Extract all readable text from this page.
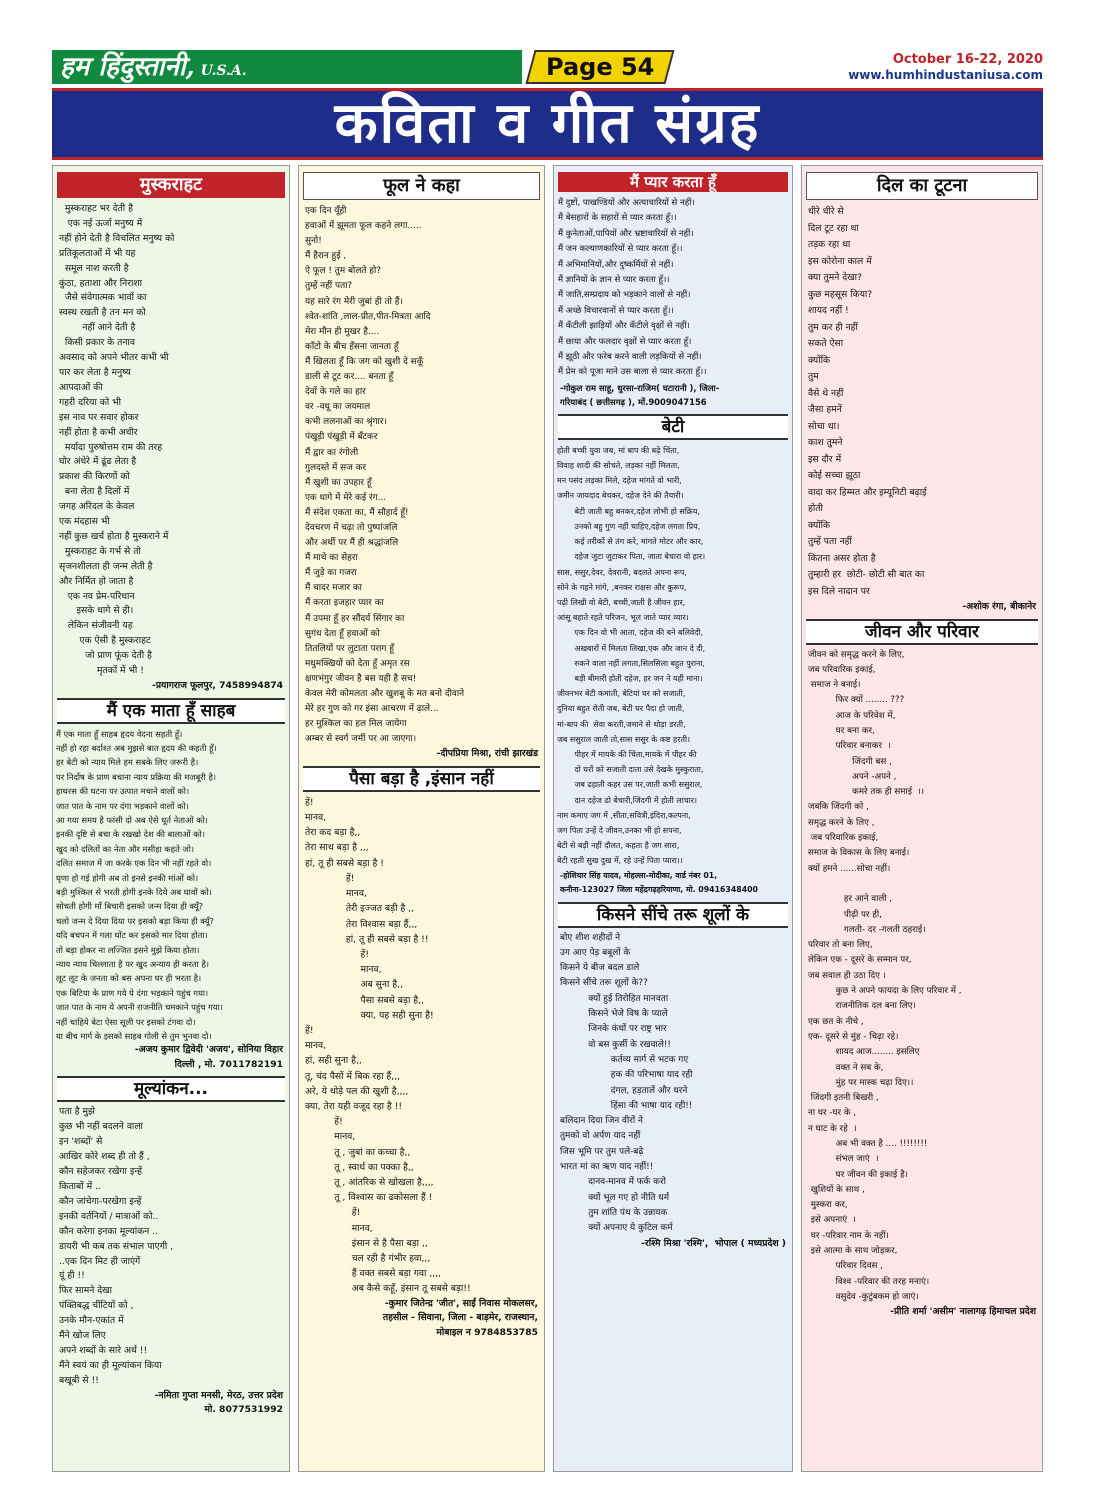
हम हिंदुस्तानी, U.S.A.	Page 54	October 16-22, 2020
www.humhindustaniusa.com
कविता व गीत संग्रह
मुस्कराहट
मुस्कराहट भर देती है
एक नई ऊर्जा मनुष्य में
नहीं होने देती है विचलित मनुष्य को
प्रतिकूलताओं में भी यह
समूल नाश करती है
कुंठा, हताशा और निराशा
जैसे संवेगात्मक भावों का
स्वस्थ रखती है तन मन को
नहीं आने देती है
किसी प्रकार के तनाव
अवसाद को अपने भीतर कभी भी
पार कर लेता है मनुष्य
आपदाओं की
गहरी दरिया को भी
इस नाव पर सवार होकर
नहीं होता है कभी अधीर
मर्यादा पुरुषोत्तम राम की तरह
घोर अंधेरे में ढूंढ लेता है
प्रकाश की किरणों को
बना लेता है दिलों में
जगह अरिदल के केवल
एक मंदहास भी
नहीं कुछ खर्च होता है मुस्कराने में
मुस्कराहट के गर्भ से तो
सृजनशीलता ही जन्म लेती है
और निर्मित हो जाता है
एक नव प्रेम-परिधान
इसके धागे से ही।
लेकिन संजीवनी यह
एक ऐसी है मुस्कराहट
जो प्राण फूंक देती है
मृतकों में भी !
-प्रयागराज फूलपुर, 7458994874
मैं एक माता हूँ साहब
मैं एक माता हूँ साहब हृदय वेदना सहती हूँ।
नहीं हो रहा बर्दाश्त अब मुझसे बात हृदय की कहती हूँ।
हर बेटी को न्याय मिले हम सबके लिए जरूरी है।
पर निर्दोष के प्राण बचाना न्याय प्रक्रिया की मजबूरी है।
हाथरस की घटना पर उत्पात मचाने वालों को।
जात पात के नाम पर दंगा भड़काने वालों को।
आ गया समय है फांसी दो अब ऐसे धूर्त नेताओं को।
इनकी दृष्टि से बचा के रखखो देश की बालाओं को।
खुद को दलितों का नेता और मसीहा कहते जो।
दलित समाज में जा करके एक दिन भी नहीं रहते वो।
घृणा हो गई होगी अब तो इनसे इनकी मांओं को।
बड़ी मुश्किल से भरती होगी इनके दिये अब घावों को।
सोचती होगी माँ बिचारी इसको जन्म दिया ही क्यूँ?
चलो जन्म दे दिया दिया पर इसको बड़ा किया ही क्यूँ?
यदि बचपन में गला घोंट कर इसको मार दिया होता।
तो बड़ा होकर ना लज्जित इसने मुझे किया होता।
न्याय न्याय चिल्लाता है पर खुद अन्याय ही करता है।
लूट लूट के जनता को बस अपना घर ही भरता है।
एक बिटिया के प्राण गये ये दंगा भड़काने पहुंच गया।
जात पात के नाम ये अपनी राजनीति चमकाने पहुंच गया।
नहीं चाहिये बेटा ऐसा सूली पर इसको टंगवा दो।
या बीच मार्ग के इसको साहब गोली से तुम भुनवा दो।
-अजय कुमार द्विवेदी 'अजय', सोनिया विहार
दिल्ली , मो. 7011782191
मूल्यांकन...
पता है मुझे
कुछ भी नहीं बदलने वाला
इन 'शब्दों' से
आखिर कोरे शब्द ही तो हैं ,
कौन सहेजकर रखेगा इन्हें
किताबों में ..
कौन जांचेगा-परखेगा इन्हें
इनकी वर्तनियों / मात्राओं को..
कौन करेगा इनका मूल्यांकन ..
डायरी भी कब तक संभाल पाएगी ,
..एक दिन मिट ही जाएंगें
यूं ही !!
फिर सामने देखा
पंक्तिबद्ध चींटियों को ,
उनके मौन-एकांत में
मैंने खोज लिए
अपने शब्दों के सारे अर्थ !!
मैंने स्वयं का ही मूल्यांकन किया
बखूबी से !!
-नमिता गुप्ता मनसी, मेरठ, उत्तर प्रदेश
मो. 8077531992
फूल ने कहा
एक दिन यूँही
हवाओं में झूमता फूल कहने लगा.....
सुनो!
मैं हैरान हुई ,
ऐ फूल ! तुम बोलते हो?
तुम्हें नहीं पता?
यह सारे रंग मेरी जुबां ही तो हैं।
श्वेत-शांति ,लाल-प्रीत,पीत-मित्रता आदि
मेरा मौन ही मुखर है....
काँटो के बीच हँसना जानता हूँ
मैं खिलता हूँ कि जग को खुशी दे सकूँ
डाली से टूट कर.... बनता हूँ
देवों के गले का हार
वर -वधू का जयमाल
कभी ललनाओं का श्रृंगार।
पंखुड़ी पंखुड़ी में बँटकर
मैं द्वार का रंगोली
गुलदस्ते में सज कर
मैं खुशी का उपहार हूँ
एक धागे में मेरे कई रंग...
मैं संदेश एकता का, मैं सौहार्द हूँ!
देवचरण में चढ़ा तो पुष्पांजलि
और अर्थी पर मैं ही श्रद्धांजलि
मैं माथे का सेहरा
मैं जुड़े का गजरा
मैं चादर मजार का
मैं करता इजहार प्यार का
मैं उपमा हूँ हर सौंदर्य सिंगार का
सुगंध देता हूँ हवाओं को
तितलियों पर लुटाता पराग हूँ
मधुमक्खियों को देता हूँ अमृत रस
क्षणभंगुर जीवन है बस यही है सच!
केवल मेरी कोमलता और खुशबू के मत बनो दीवाने
मेरे हर गुण को गर इंसा आचरण में ढ़ाले...
हर मुश्किल का हल मिल जायेगा
अम्बर से स्वर्ग जमीं पर आ जाएगा।
-दीपप्रिया मिश्रा, रांची झारखंड
पैसा बड़ा है ,इंसान नहीं
हें!
मानव,
तेरा कद बड़ा है,,
तेरा साथ बड़ा है ,,,
हां, तू ही सबसे बड़ा है !
हें!
मानव,
तेरी इज्जत बड़ी है ,,
तेरा विश्वास बड़ा हैं,,,
हां, तू ही सबसे बड़ा है !!
हें!
मानव,
अब सुना है,,
पैसा सबसे बड़ा है,,
क्या, यह सही सुना है!
हें!
मानव,
हां, सही सुना है,,
तू, चंद पैसों में बिक रहा हैं,,,
अरे, ये थोड़े पल की खुशी है,,,,
क्या, तेरा यही वजूद रहा है !!
हें!
मानव,
तू , जुबां का कच्चा है,,
तू , स्वार्थ का पक्का है,,
तू , आंतरिक से खोखला है,,,,
तू , विश्वास का ढकोसला हैं !
हें!
मानव,
इंसान से है पैसा बड़ा ,,
चल रही है गंभीर हवा,,,
हैं वक्त सबसे बड़ा गवा ,,,,
अब कैसे कहूँ, इंसान तू सबसे बड़ा!!
-कुमार जितेन्द्र 'जीत', साईं निवास मोकलसर,
तहसील - सिवाना, जिला - बाड़मेर, राजस्थान,
मोबाइल न 9784853785
मैं प्यार करता हूँ
मैं दुष्टों, पाखण्डियों और अत्याचारियों से नहीं।
मैं बेसहारों के सहारों से प्यार करता हूँ।।
मैं कुनेताओं,पापियों और भ्रष्टाचारियों से नहीं।
मैं जन कल्याणकारियों से प्यार करता हूँ।।
मैं अभिमानियों,और दुष्कर्मियों से नहीं।
मैं ज्ञानियों के ज्ञान से प्यार करता हूँ।।
मैं जाति,सम्प्रदाय को भड़काने वालों से नहीं।
मैं अच्छे विचारवानों से प्यार करता हूँ।।
मैं कँटीली झाड़ियों और कँटीले वृक्षों से नहीं।
मैं छाया और फलदार वृक्षों से प्यार करता हूँ।
मैं झूठी और फरेब करने वाली लड़कियों से नहीं।
मैं प्रेम को पूजा माने उस बाला से प्यार करता हूँ।।
-गोकुल राम साहू, धुरसा-राजिम( घटारानी ), जिला-
गरियाबंद ( छत्तीसगढ़ ), मों.9009047156
बेटी
होती बच्ची युवा जब, मां बाप की बढ़े चिंता,
विवाह शादी की सोचते, लड़का नहीं मिलता,
मन पसंद लड़का मिले, दहेज मांगते वो भारी,
जमीन जायदाद बेचकर, दहेज देने की तैयारी।
बेटी जाती बहु बनकर,दहेज लोभी हो सक्रिय,
उनको बहु गुण नहीं चाहिए,दहेज लगता प्रिय,
कई तरीकों से तंग करे, मांगते मोटर और कार,
दहेज जुटा जुटाकर पिता, जाता बेचारा वो हार।
सास, ससुर,देवर, देवरानी, बदलते अपना रूप,
सोने के गहने मांगे, ,बनकर राक्षस और कुरूप,
पढ़ी लिखी वो बेटी, बच्ची,जाती है जीवन हार,
आंसू बहाते रहते परिजन, भूल जाते प्यार व्यार।
एक दिन वो भी आता, दहेज की बने बलिवेदी,
अखबारों में मिलता लिखा,एक और जान दे दी,
रुकने वाला नहीं लगता,सिलसिला बहुत पुराना,
बड़ी बीमारी होती दहेज, हर जन ने यही माना।
जीवनभर बेटी कमाती, बेटियां घर को सजाती,
दुनिया बहुत रोती जब, बेटी घर पैदा हो जाती,
मां-बाप की  सेवा करती,जमाने से थोड़ा डरती,
जब ससुराल जाती तो,सास ससुर के कष्ट हरती।
पीहर में मायके की चिंता,मायके में पीहर की
दो घरों को सजाती दाता उसे देखके मुस्कुराता,
जब ढहाती कहर उस पर,जाती कभी ससुराल,
दान दहेज ढो बेचारी,जिंदगी में होती लाचार।
नाम कमाए जग में ,सीता,सवित्री,इंदिरा,कल्पना,
जग पिता उन्हें दे जीवन,उनका भी हो सपना,
बेटी से बड़ी नहीं दौलत, कहता है जग सारा,
बेटी रहती सुख दुख में, रहे उन्हें पिता प्यारा।।
-होशियार सिंह यादव, मोहल्ला-मोदीका, वार्ड नंबर 01,
कनीना-123027 जिला महेंद्रगढ़हरियाणा, मो. 09416348400
किसने सींचे तरू शूलों के
बोए शीश शहीदों ने
उग आए पेड़ बबूलों के
किसने ये बीज बदल डाले
किसने सींचे तरू शूलों के??
क्यों हुई तिरोहित मानवता
किसने भेजे विष के प्याले
जिनके कंधों पर राष्ट्र भार
वो बस कुर्सी के रखवाले!!
कर्तव्य मार्ग से भटक गए
हक की परिभाषा याद रही
दंगल, हड़तालें और धरने
हिंसा की भाषा याद रही!!
बलिदान दिया जिन वीरों ने
तुमको वो अर्पण याद नहीं
जिस भूमि पर तुम पले-बढ़े
भारत मां का ऋण याद नहीं!!
दानव-मानव में फर्क करो
क्यों भूल गए हो नीति धर्म
तुम शांति पंथ के उन्नायक
क्यों अपनाए ये कुटिल कर्म
-रश्मि मिश्रा 'रश्मि',  भोपाल ( मध्यप्रदेश )
दिल का टूटना
धीरे धीरे से
दिल टूट रहा था
तड़क रहा था
इस कोरोना काल में
क्या तुमने देखा?
कुछ महसूस किया?
शायद नहीं !
तुम कर ही नहीं
सकते ऐसा
क्योंकि
तुम
वैसे थे नहीं
जैसा हमनें
सोचा था।
काश तुमने
इस दौर में
कोई सच्चा झूठा
वादा कर हिम्मत और इम्यूनिटी बढ़ाई
होती
क्योंकि
तुम्हें पता नहीं
कितना असर होता है
तुम्हारी हर  छोटी- छोटी सी बात का
इस दिले नादान पर
-अशोक रंगा, बीकानेर
जीवन और परिवार
जीवन को समृद्ध करने के लिए,
जब परिवारिक इकाई,
समाज ने बनाई।
फिर क्यों ........ ???
आज के परिवेश में,
घर बना कर,
परिवार बनाकर  ।
जिंदगी बस ,
अपने -अपने ,
कमरे तक ही समाई  ।।
जबकि जिंदगी को ,
समृद्ध करने के लिए ,
जब परिवारिक इकाई,
समाज के विकास के लिए बनाई।
क्यों हमने ......सोचा नहीं।

हर आने वाली ,
पीढ़ी पर ही,
गलती- दर -गलती ठहराई।
परिवार तो बना लिए,
लेकिन एक - दूसरे के सम्मान पर,
जब सवाल ही उठा दिए ।
कुछ ने अपने फायदा के लिए परिवार में ,
राजनीतिक दल बना लिए।
एक छत के नीचे ,
एक- दूसरे से मुंह - चिढ़ा रहे।
शायद आज........ इसलिए
वक्त ने सब के,
मुंह पर मास्क चढ़ा दिए।।
जिंदगी इतनी बिखरी ,
ना घर -घर के ,
न घाट के रहे  ।
अब भी वक्त है .... !!!!!!!!
संभल जाएं  ।
घर जीवन की इकाई है।
खुशियों के साथ ,
मुस्करा कर,
इसे अपनाएं  ।
घर -परिवार नाम के नहीं।
इसे आत्मा के साथ जोड़कर,
परिवार दिवस ,
विश्व -परिवार की तरह मनाएं।
वसुदेव -कुटुंबकम हो जाएं।
-प्रीति शर्मा 'असीम' नालागढ़ हिमाचल प्रदेश
